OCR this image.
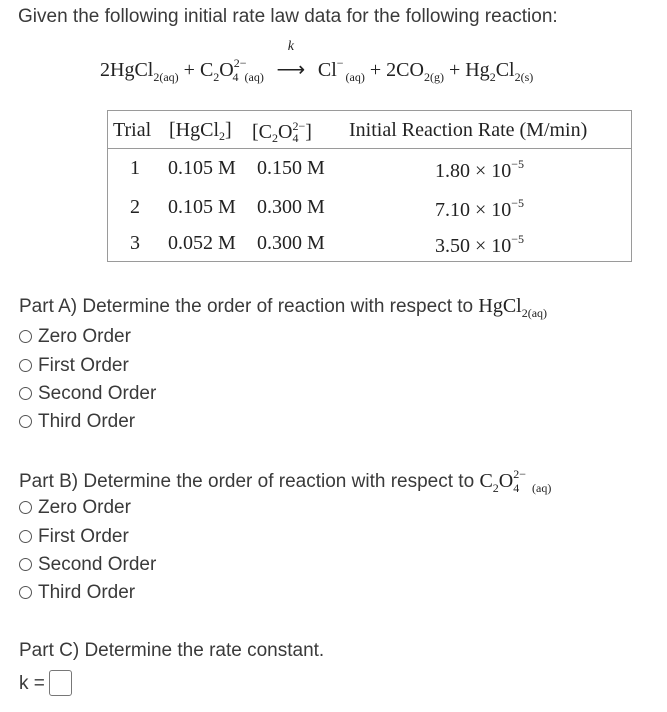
Given the following initial rate law data for the following reaction:
2HgCl$_{2(aq)}$ + $C_2O^{2-}_4$ $_{(aq)}$
k
⟶ $Cl^-_{(aq)} + 2CO_{2(g)} + Hg_2Cl_{2(s)}$
Trial [HgCl$_2$] $[C_2O_4^{2-}]$ Initial Reaction Rate (M/min)
1 0.105 M 0.150 M	$1.80 \times 10^{-5}$
2 0.105 M 0.300 M	$7.10 \times 10^{-5}$
3 0.052 M 0.300 M	$3.50 \times 10^{-5}$
Part A) Determine the order of reaction with respect to HgCl$_{2(aq)}$
Zero Order
First Order
Second Order
Third Order
Part B) Determine the order of reaction with respect to $C_2O_4^{2-}_{(aq)}$
Zero Order
First Order
Second Order
Third Order
Part C) Determine the rate constant.
k =
